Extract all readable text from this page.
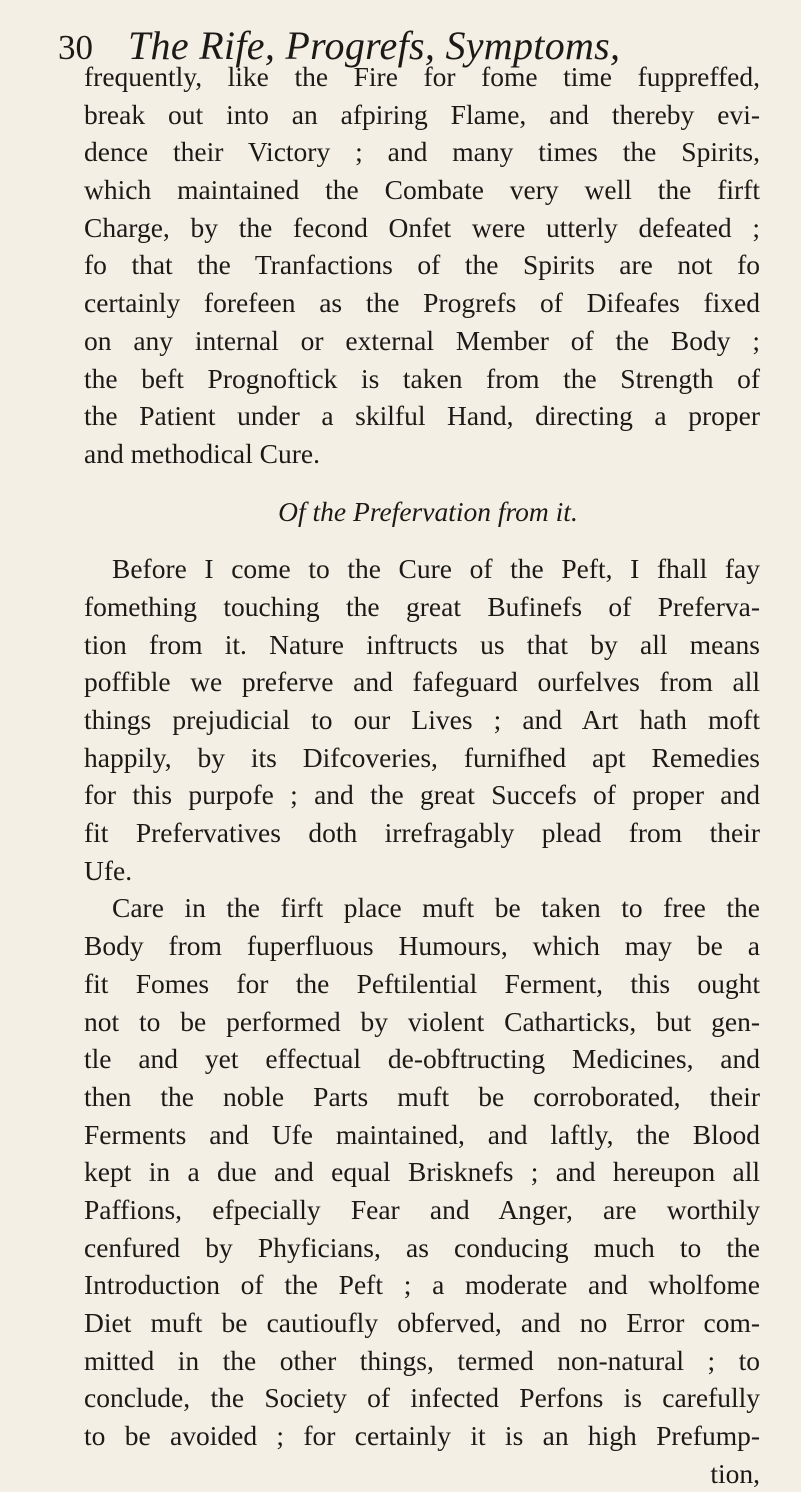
30 The Rife, Progrefs, Symptoms,
frequently, like the Fire for fome time fuppreffed,
break out into an afpiring Flame, and thereby evi-
dence their Victory ; and many times the Spirits,
which maintained the Combate very well the firft
Charge, by the fecond Onfet were utterly defeated ;
fo that the Tranfactions of the Spirits are not fo
certainly forefeen as the Progrefs of Difeafes fixed
on any internal or external Member of the Body ;
the beft Prognoftick is taken from the Strength of
the Patient under a skilful Hand, directing a proper
and methodical Cure.
Of the Prefervation from it.
Before I come to the Cure of the Peft, I fhall fay
fomething touching the great Bufinefs of Preferva-
tion from it. Nature inftructs us that by all means
poffible we preferve and fafeguard ourfelves from all
things prejudicial to our Lives ; and Art hath moft
happily, by its Difcoveries, furnifhed apt Remedies
for this purpofe ; and the great Succefs of proper and
fit Prefervatives doth irrefragably plead from their
Ufe.
Care in the firft place muft be taken to free the
Body from fuperfluous Humours, which may be a
fit Fomes for the Peftilential Ferment, this ought
not to be performed by violent Catharticks, but gen-
tle and yet effectual de-obftructing Medicines, and
then the noble Parts muft be corroborated, their
Ferments and Ufe maintained, and laftly, the Blood
kept in a due and equal Brisknefs ; and hereupon all
Paffions, efpecially Fear and Anger, are worthily
cenfured by Phyficians, as conducing much to the
Introduction of the Peft ; a moderate and wholfome
Diet muft be cautioufly obferved, and no Error com-
mitted in the other things, termed non-natural ; to
conclude, the Society of infected Perfons is carefully
to be avoided ; for certainly it is an high Prefump-
tion,
